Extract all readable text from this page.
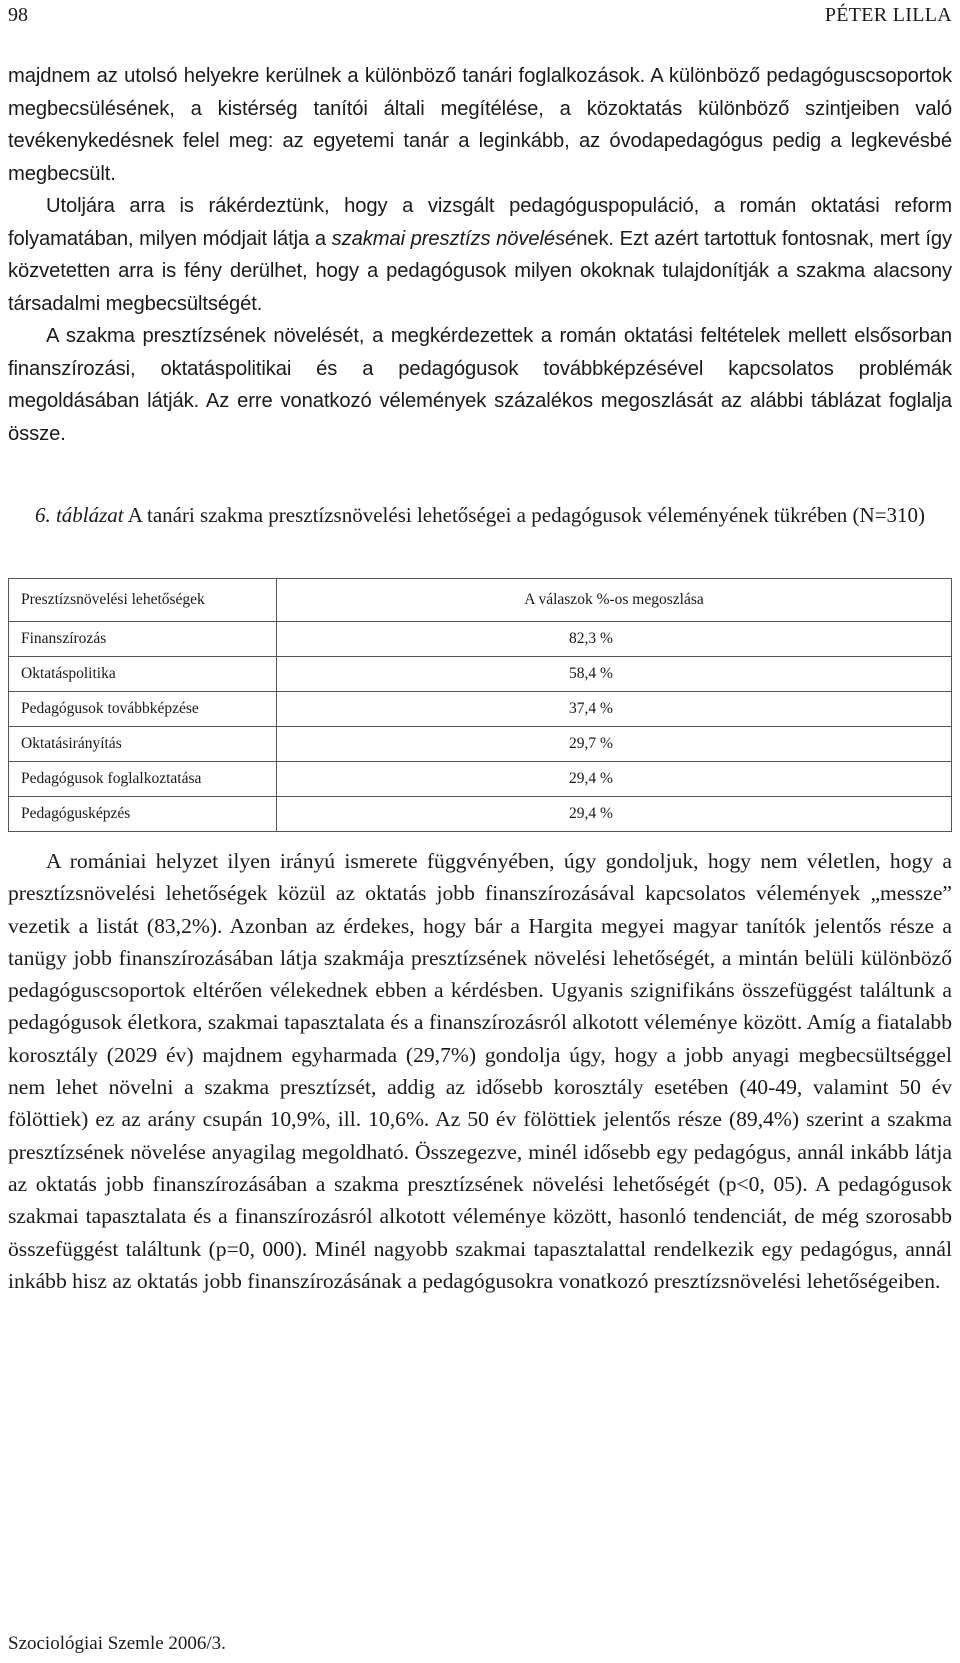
98	PÉTER LILLA

majdnem az utolsó helyekre kerülnek a különböző tanári foglalkozások. A különböző pedagóguscsoportok megbecsülésének, a kistérség tanítói általi megítélése, a közoktatás különböző szintjeiben való tevékenykedésnek felel meg: az egyetemi tanár a leginkább, az óvodapedagógus pedig a legkevésbé megbecsült.

Utoljára arra is rákérdeztünk, hogy a vizsgált pedagóguspopuláció, a román oktatási reform folyamatában, milyen módjait látja a szakmai presztízs növelésének. Ezt azért tartottuk fontosnak, mert így közvetetten arra is fény derülhet, hogy a pedagógusok milyen okoknak tulajdonítják a szakma alacsony társadalmi megbecsültségét.

A szakma presztízsének növelését, a megkérdezettek a román oktatási feltételek mellett elsősorban finanszírozási, oktatáspolitikai és a pedagógusok továbbképzésével kapcsolatos problémák megoldásában látják. Az erre vonatkozó vélemények százalékos megoszlását az alábbi táblázat foglalja össze.

6. táblázat A tanári szakma presztízsnövelési lehetőségei a pedagógusok véleményének tükrében (N=310)
Presztízsnövelési lehetőségek	A válaszok %-os megoszlása
Finanszírozás	82,3 %
Oktatáspolitika	58,4 %
Pedagógusok továbbképzése	37,4 %
Oktatásirányítás	29,7 %
Pedagógusok foglalkoztatása	29,4 %
Pedagógusképzés	29,4 %

A romániai helyzet ilyen irányú ismerete függvényében, úgy gondoljuk, hogy nem véletlen, hogy a presztízsnövelési lehetőségek közül az oktatás jobb finanszírozásával kapcsolatos vélemények „messze” vezetik a listát (83,2%). Azonban az érdekes, hogy bár a Hargita megyei magyar tanítók jelentős része a tanügy jobb finanszírozásában látja szakmája presztízsének növelési lehetőségét, a mintán belüli különböző pedagóguscsoportok eltérően vélekednek ebben a kérdésben. Ugyanis szignifikáns összefüggést találtunk a pedagógusok életkora, szakmai tapasztalata és a finanszírozásról alkotott véleménye között. Amíg a fiatalabb korosztály (2029 év) majdnem egyharmada (29,7%) gondolja úgy, hogy a jobb anyagi megbecsültséggel nem lehet növelni a szakma presztízsét, addig az idősebb korosztály esetében (40-49, valamint 50 év fölöttiek) ez az arány csupán 10,9%, ill. 10,6%. Az 50 év fölöttiek jelentős része (89,4%) szerint a szakma presztízsének növelése anyagilag megoldható. Összegezve, minél idősebb egy pedagógus, annál inkább látja az oktatás jobb finanszírozásában a szakma presztízsének növelési lehetőségét (p<0, 05). A pedagógusok szakmai tapasztalata és a finanszírozásról alkotott véleménye között, hasonló tendenciát, de még szorosabb összefüggést találtunk (p=0, 000). Minél nagyobb szakmai tapasztalattal rendelkezik egy pedagógus, annál inkább hisz az oktatás jobb finanszírozásának a pedagógusokra vonatkozó presztízsnövelési lehetőségeiben.

Szociológiai Szemle 2006/3.
